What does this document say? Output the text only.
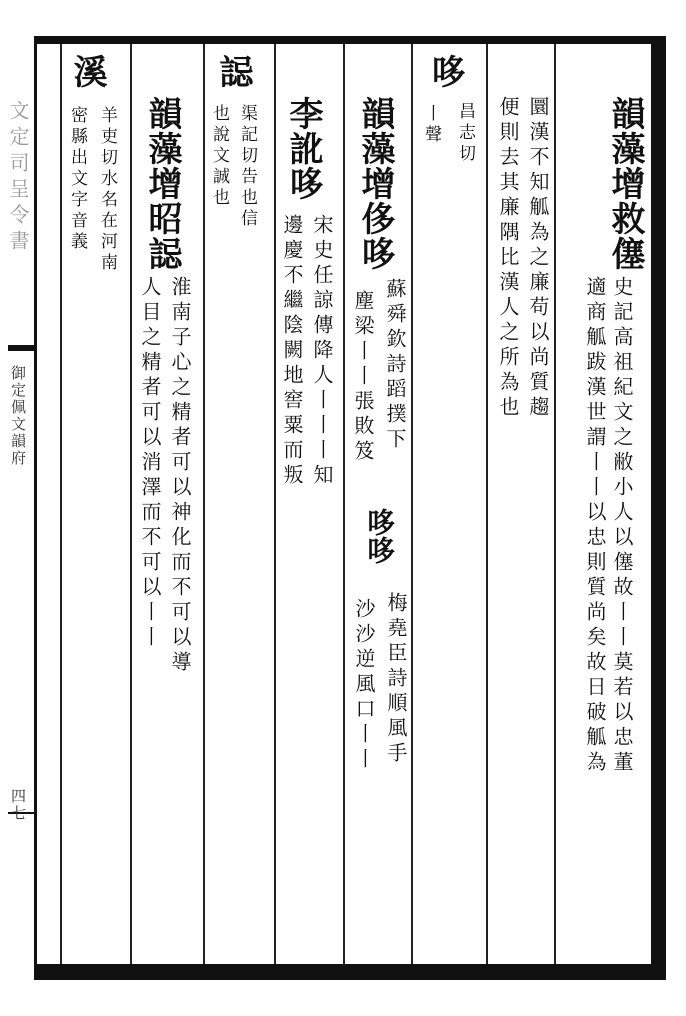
文定司呈令書
御定佩文韻府
四七
韻藻增救僿
史記高祖紀文之敝小人以僿故丨丨莫若以忠董
適商觚跋漢世謂丨丨以忠則質尚矣故日破觚為
圜漢不知觚為之廉苟以尚質趨
便則去其廉隅比漢人之所為也
哆
昌志切
丨聲
韻藻增侈哆
蘇舜欽詩蹈撲下
塵梁丨丨張敗笈
哆哆
梅堯臣詩順風手
沙沙逆風口丨丨
李訛哆
宋史任諒傳降人丨丨丨知
邊慶不繼陰闕地窖粟而叛
誋
渠記切告也信
也說文誠也
韻藻增昭誋
淮南子心之精者可以神化而不可以導
人目之精者可以消澤而不可以丨丨
溪
羊吏切水名在河南
密縣出文字音義
